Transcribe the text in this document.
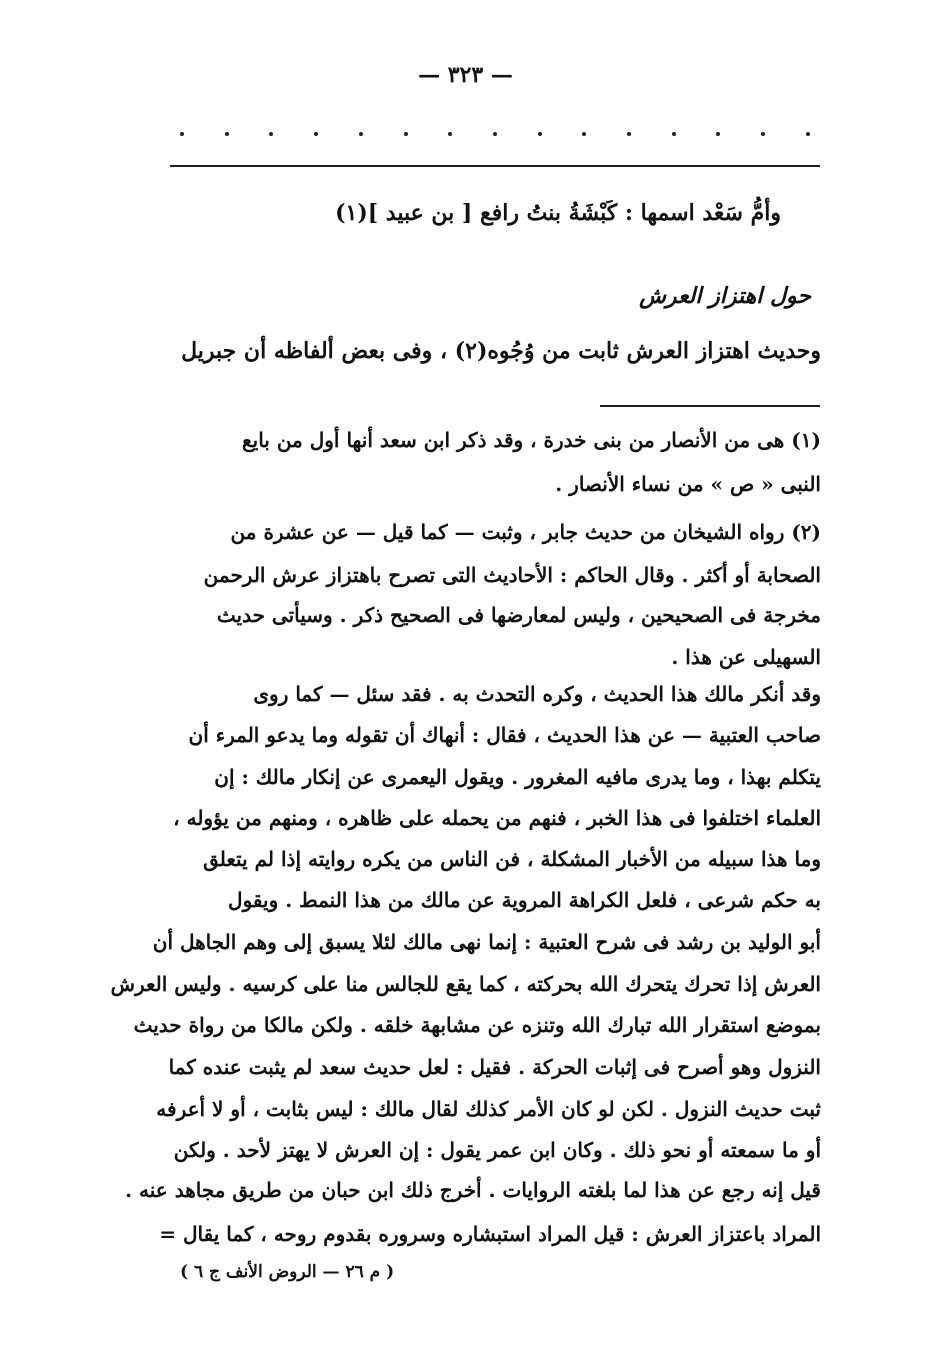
— ٣٢٣ —
وأمُّ سَعْد اسمها : كَبْشَةُ بنتُ رافع [ بن عبيد ](١)
حول اهتزاز العرش
وحديث اهتزاز العرش ثابت من وُجُوه(٢) ، وفى بعض ألفاظه أن جبريل
(١) هى من الأنصار من بنى خدرة ، وقد ذكر ابن سعد أنها أول من بايع
النبى « ص » من نساء الأنصار .
(٢) رواه الشيخان من حديث جابر ، وثبت — كما قيل — عن عشرة من
الصحابة أو أكثر . وقال الحاكم : الأحاديث التى تصرح باهتزاز عرش الرحمن
مخرجة فى الصحيحين ، وليس لمعارضها فى الصحيح ذكر . وسيأتى حديث
السهيلى عن هذا .
وقد أنكر مالك هذا الحديث ، وكره التحدث به . فقد سئل — كما روى
صاحب العتبية — عن هذا الحديث ، فقال : أنهاك أن تقوله وما يدعو المرء أن
يتكلم بهذا ، وما يدرى مافيه المغرور . ويقول اليعمرى عن إنكار مالك : إن
العلماء اختلفوا فى هذا الخبر ، فنهم من يحمله على ظاهره ، ومنهم من يؤوله ،
وما هذا سبيله من الأخبار المشكلة ، فن الناس من يكره روايته إذا لم يتعلق
به حكم شرعى ، فلعل الكراهة المروية عن مالك من هذا النمط . ويقول
أبو الوليد بن رشد فى شرح العتبية : إنما نهى مالك لئلا يسبق إلى وهم الجاهل أن
العرش إذا تحرك يتحرك الله بحركته ، كما يقع للجالس منا على كرسيه . وليس العرش
بموضع استقرار الله تبارك الله وتنزه عن مشابهة خلقه . ولكن مالكا من رواة حديث
النزول وهو أصرح فى إثبات الحركة . فقيل : لعل حديث سعد لم يثبت عنده كما
ثبت حديث النزول . لكن لو كان الأمر كذلك لقال مالك : ليس بثابت ، أو لا أعرفه
أو ما سمعته أو نحو ذلك . وكان ابن عمر يقول : إن العرش لا يهتز لأحد . ولكن
قيل إنه رجع عن هذا لما بلغته الروايات . أخرج ذلك ابن حبان من طريق مجاهد عنه .
المراد باعتزاز العرش : قيل المراد استبشاره وسروره بقدوم روحه ، كما يقال =
( م ٢٦ — الروض الأنف ج ٦ )
